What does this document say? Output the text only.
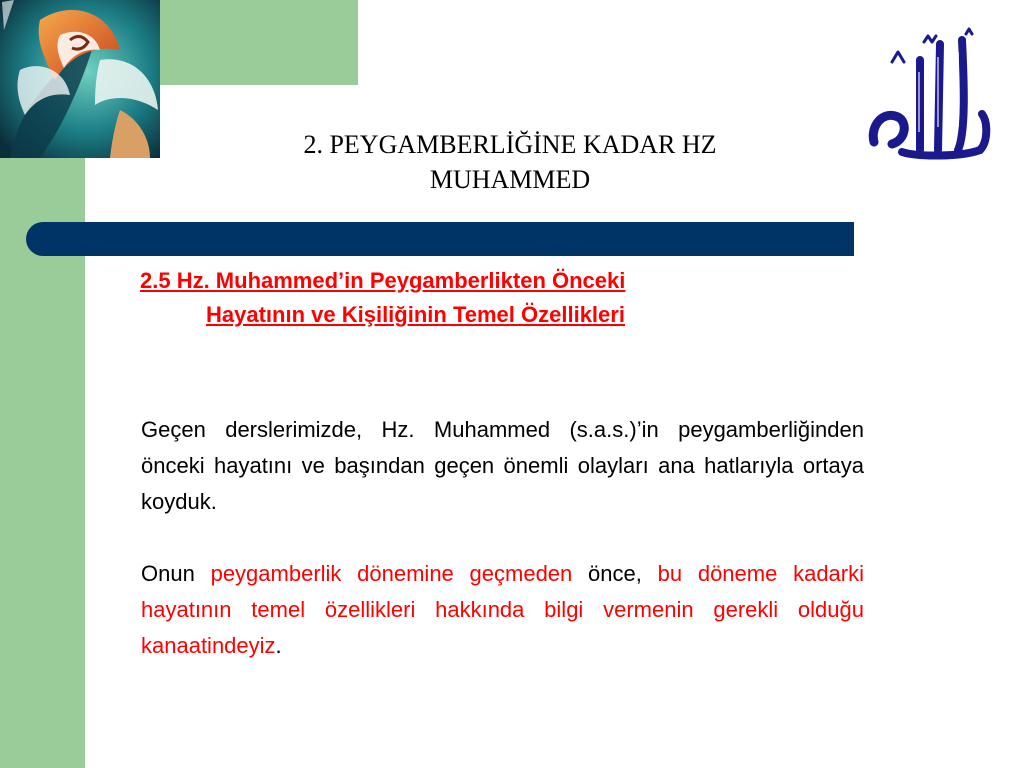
2. PEYGAMBERLİĞİNE KADAR HZ
MUHAMMED
2.5 Hz. Muhammed’in Peygamberlikten Önceki
Hayatının ve Kişiliğinin Temel Özellikleri

Geçen derslerimizde, Hz. Muhammed (s.a.s.)’in peygamberliğinden önceki hayatını ve başından geçen önemli olayları ana hatlarıyla ortaya koyduk.

Onun peygamberlik dönemine geçmeden önce, bu döneme kadarki hayatının temel özellikleri hakkında bilgi vermenin gerekli olduğu kanaatindeyiz.
